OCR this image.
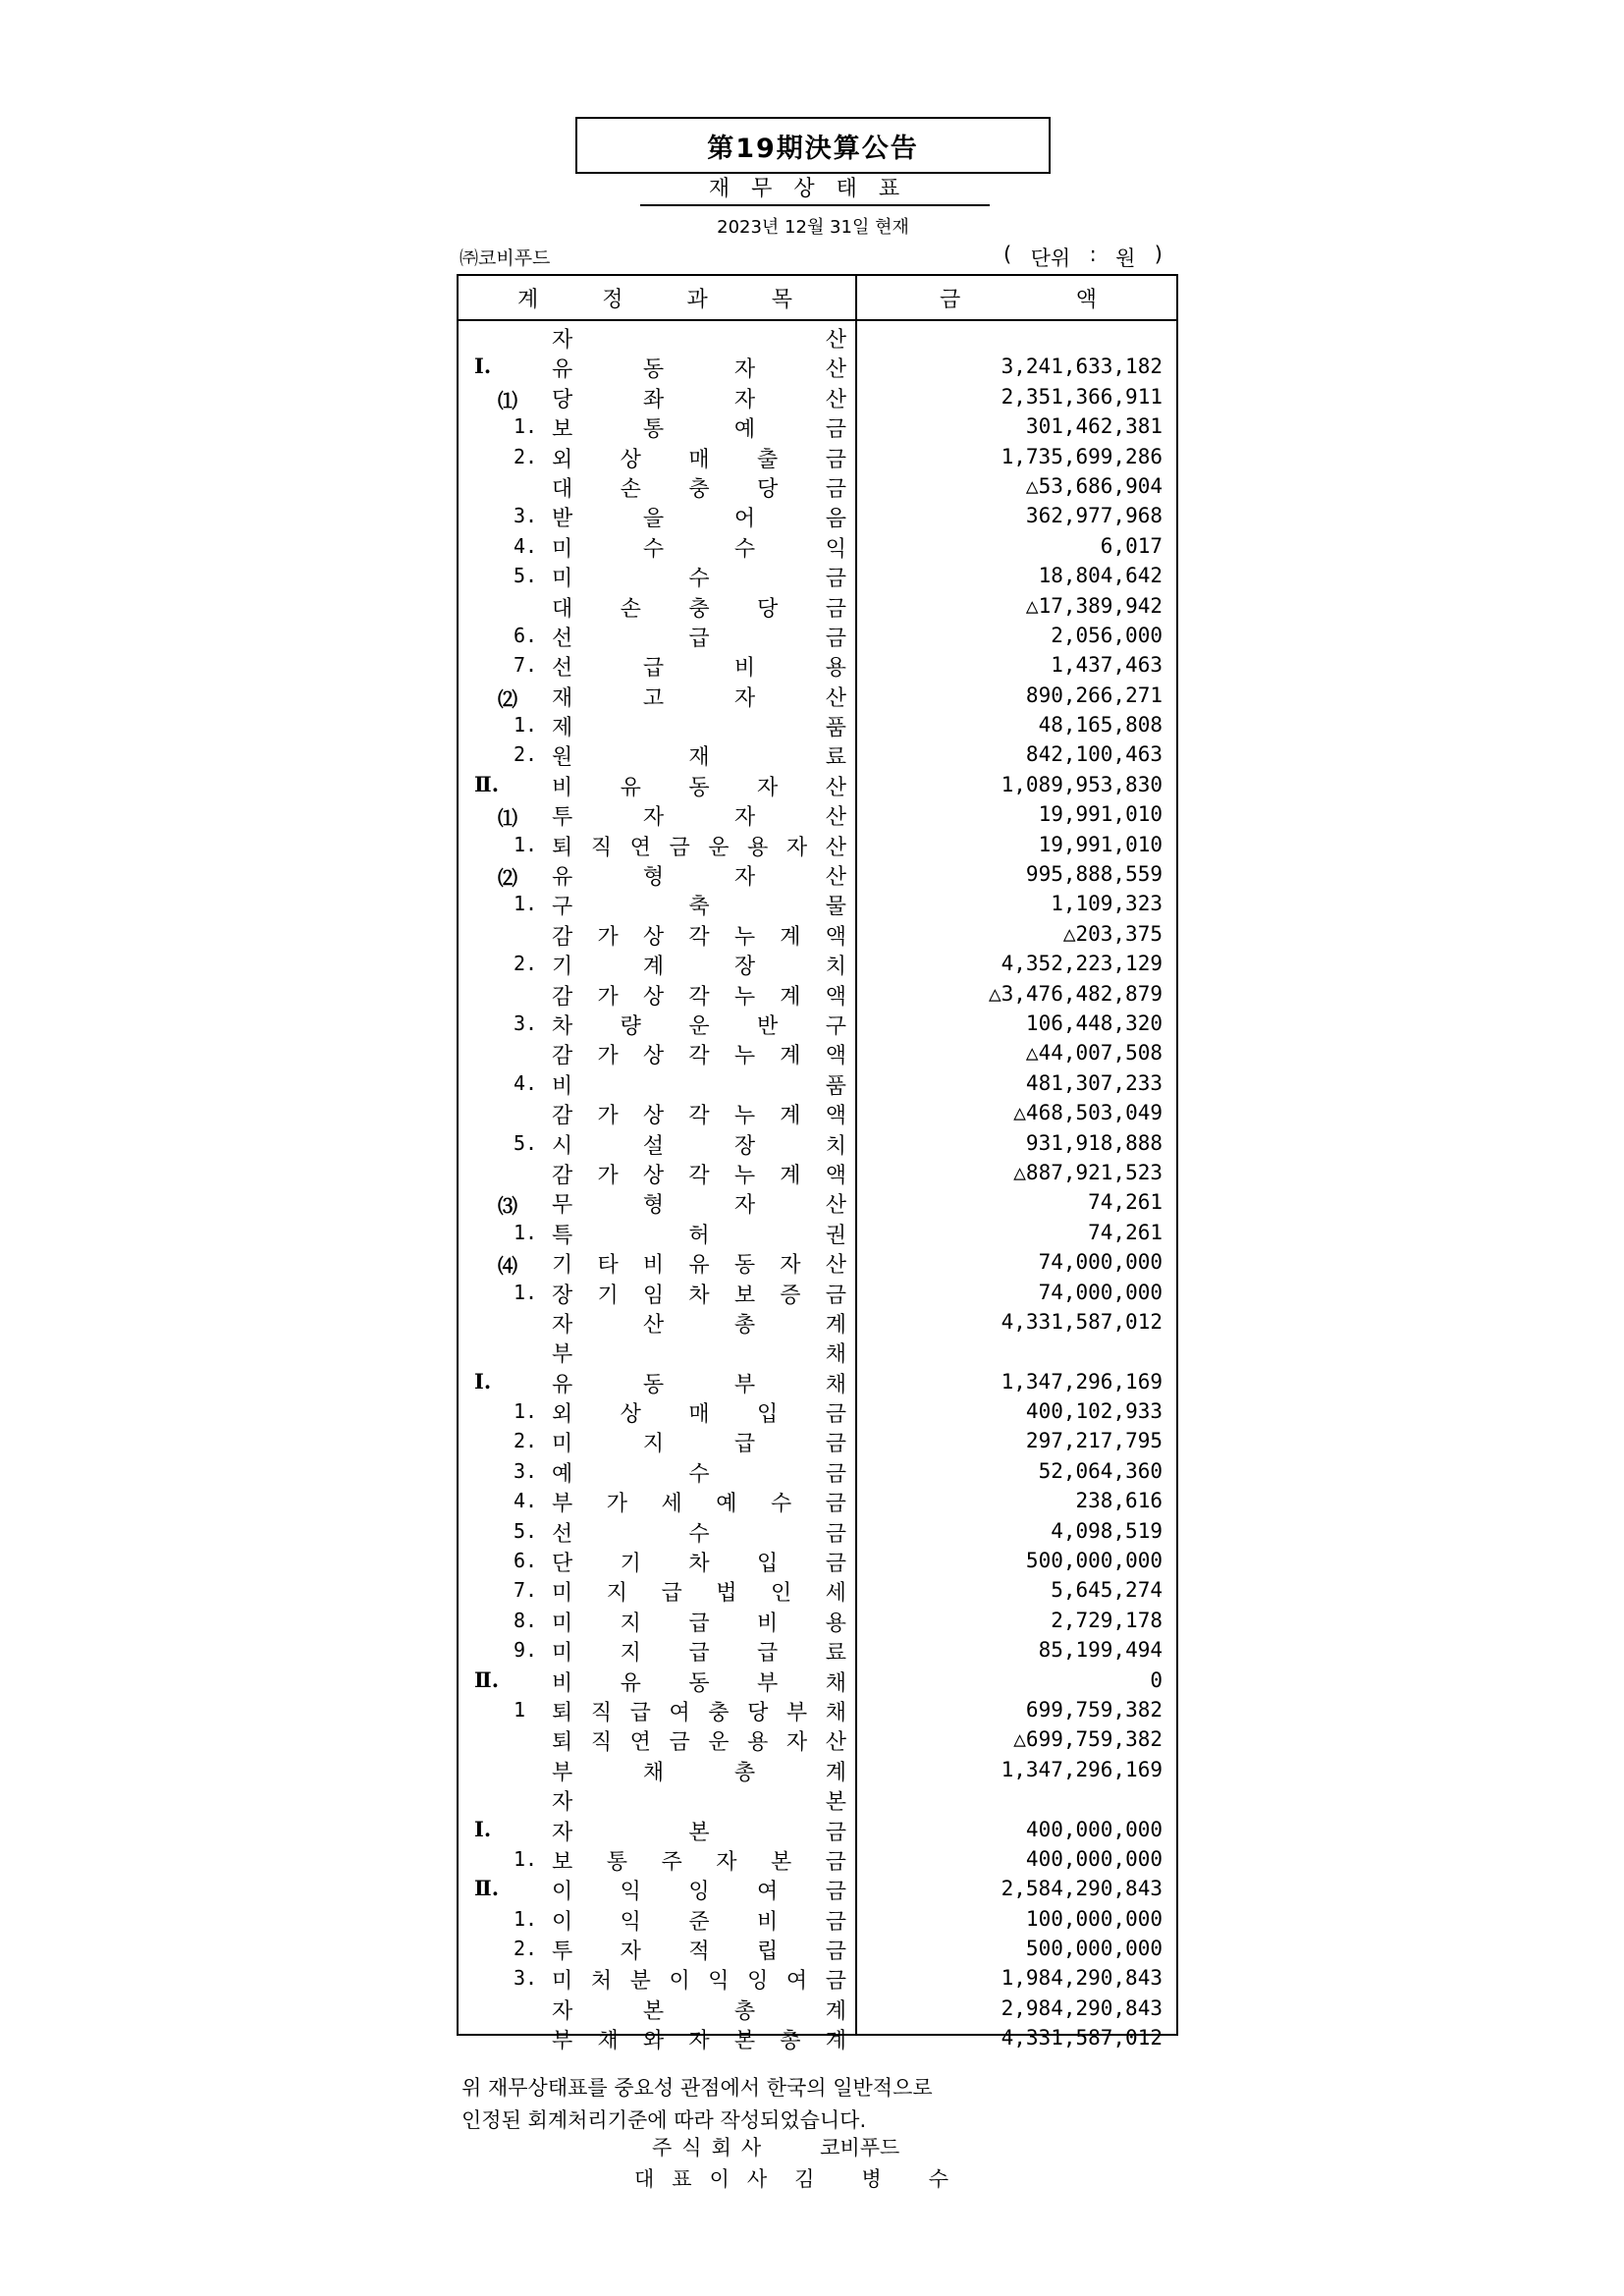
第19期決算公告
재무상태표
2023년 12월 31일 현재
㈜코비푸드	( 단위 : 원 )
계	정	과	목	금	액
자	산
Ⅰ.	유	동	자	산	3,241,633,182
⑴ 당	좌	자	산	2,351,366,911
1. 보	통	예	금	301,462,381
2. 외 상 매 출 금	1,735,699,286
대 손 충 당 금	△53,686,904
3. 받	을	어	음	362,977,968
4. 미	수	수	익	6,017
5. 미	수	금	18,804,642
대 손 충 당 금	△17,389,942
6. 선	급	금	2,056,000
7. 선	급	비	용	1,437,463
⑵ 재	고	자	산	890,266,271
1. 제	품	48,165,808
2. 원	재	료	842,100,463
Ⅱ. 비 유 동 자 산	1,089,953,830
⑴ 투	자	자	산	19,991,010
1. 퇴 직 연 금 운 용 자 산	19,991,010
⑵ 유	형	자	산	995,888,559
1. 구	축	물	1,109,323
감 가 상 각 누 계 액	△203,375
2. 기	계	장	치	4,352,223,129
감 가 상 각 누 계 액	△3,476,482,879
3. 차 량 운 반 구	106,448,320
감 가 상 각 누 계 액	△44,007,508
4. 비	품	481,307,233
감 가 상 각 누 계 액	△468,503,049
5. 시	설	장	치	931,918,888
감 가 상 각 누 계 액	△887,921,523
⑶ 무	형	자	산	74,261
1. 특	허	권	74,261
⑷ 기 타 비 유 동 자 산	74,000,000
1. 장 기 임 차 보 증 금	74,000,000
자	산	총	계	4,331,587,012
부	채
Ⅰ.	유	동	부	채	1,347,296,169
1. 외 상 매 입 금	400,102,933
2. 미	지	급	금	297,217,795
3. 예	수	금	52,064,360
4. 부 가 세 예 수 금	238,616
5. 선	수	금	4,098,519
6. 단 기 차 입 금	500,000,000
7. 미 지 급 법 인 세	5,645,274
8. 미 지 급 비 용	2,729,178
9. 미 지 급 급 료	85,199,494
Ⅱ. 비 유 동 부 채	0
1 퇴 직 급 여 충 당 부 채	699,759,382
퇴 직 연 금 운 용 자 산	△699,759,382
부	채	총	계	1,347,296,169
자	본
Ⅰ.	자	본	금	400,000,000
1. 보 통 주 자 본 금	400,000,000
Ⅱ. 이 익 잉 여 금	2,584,290,843
1. 이 익 준 비 금	100,000,000
2. 투 자 적 립 금	500,000,000
3. 미 처 분 이 익 잉 여 금	1,984,290,843
자	본	총	계	2,984,290,843
부 채 와 자 본 총 계	4,331,587,012
위 재무상태표를 중요성 관점에서 한국의 일반적으로
인정된 회계처리기준에 따라 작성되었습니다.
주식회사 코비푸드
대표이사 김병수
